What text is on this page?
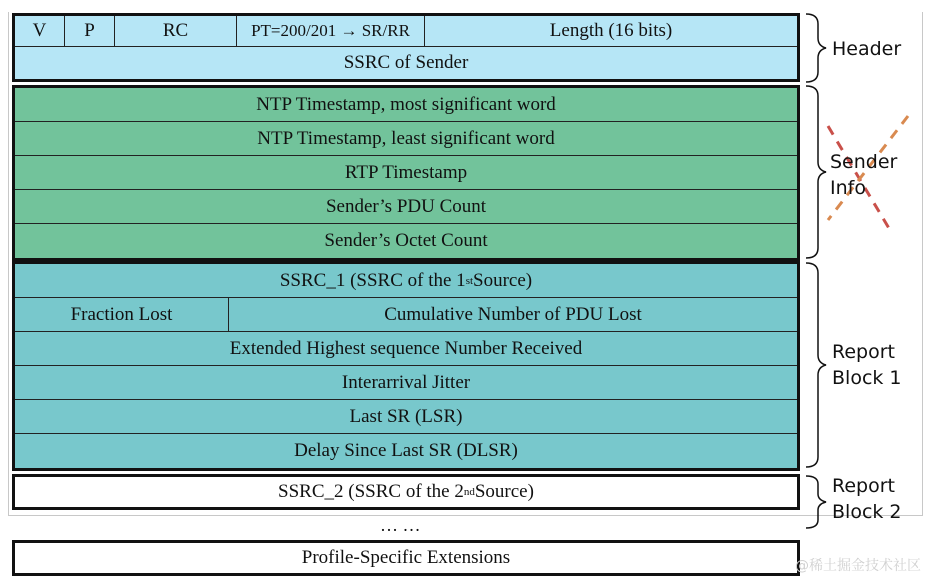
V	P	RC	PT=200/201 → SR/RR	Length (16 bits)
SSRC of Sender
NTP Timestamp, most significant word
NTP Timestamp, least significant word
RTP Timestamp
Sender’s PDU Count
Sender’s Octet Count
SSRC_1 (SSRC of the 1 st Source)
Fraction Lost	Cumulative Number of PDU Lost
Extended Highest sequence Number Received
Interarrival Jitter
Last SR (LSR)
Delay Since Last SR (DLSR)
SSRC_2 (SSRC of the 2 nd Source)
… …
Profile-Specific Extensions
Header
Sender
Info
Report
Block 1
Report
Block 2
@稀土掘金技术社区
